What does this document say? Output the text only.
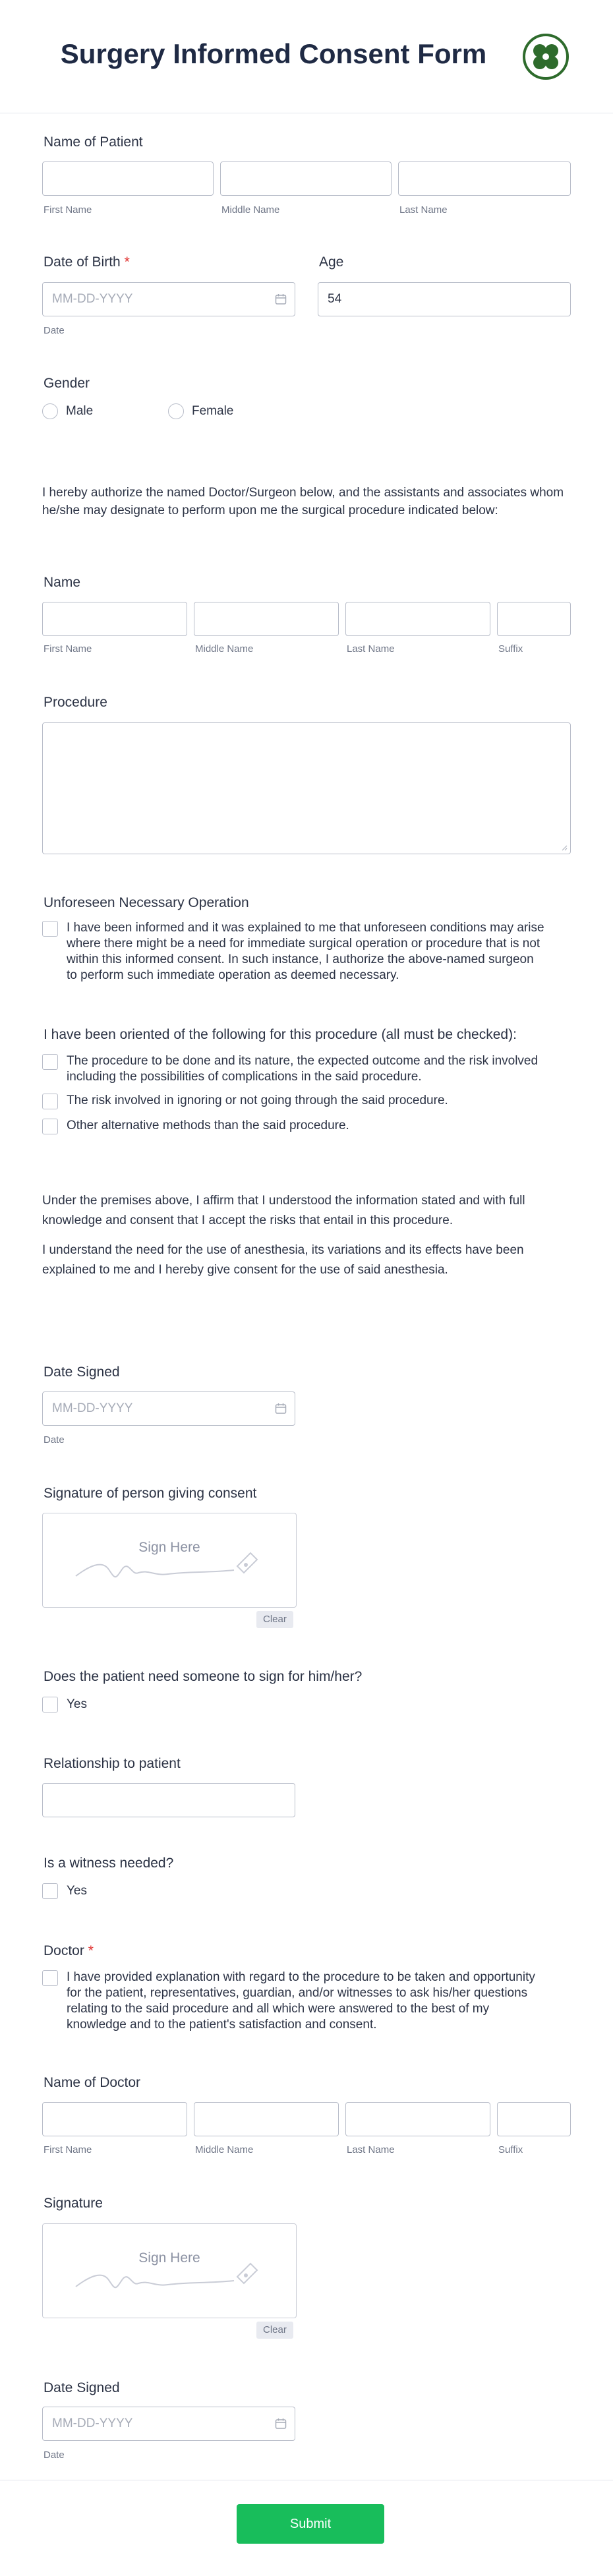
Surgery Informed Consent Form
Name of Patient
First Name	Middle Name	Last Name
Date of Birth *
MM-DD-YYYY
Date
Age
54
Gender
Male	Female
I hereby authorize the named Doctor/Surgeon below, and the assistants and associates whom he/she may designate to perform upon me the surgical procedure indicated below:
Name
First Name	Middle Name	Last Name	Suffix
Procedure
Unforeseen Necessary Operation
I have been informed and it was explained to me that unforeseen conditions may arise
where there might be a need for immediate surgical operation or procedure that is not
within this informed consent. In such instance, I authorize the above-named surgeon
to perform such immediate operation as deemed necessary.
I have been oriented of the following for this procedure (all must be checked):
The procedure to be done and its nature, the expected outcome and the risk involved
including the possibilities of complications in the said procedure.
The risk involved in ignoring or not going through the said procedure.
Other alternative methods than the said procedure.
Under the premises above, I affirm that I understood the information stated and with full
knowledge and consent that I accept the risks that entail in this procedure.
I understand the need for the use of anesthesia, its variations and its effects have been
explained to me and I hereby give consent for the use of said anesthesia.
Date Signed
MM-DD-YYYY
Date
Signature of person giving consent
Sign Here
Clear
Does the patient need someone to sign for him/her?
Yes
Relationship to patient
Is a witness needed?
Yes
Doctor *
I have provided explanation with regard to the procedure to be taken and opportunity
for the patient, representatives, guardian, and/or witnesses to ask his/her questions
relating to the said procedure and all which were answered to the best of my
knowledge and to the patient's satisfaction and consent.
Name of Doctor
First Name	Middle Name	Last Name	Suffix
Signature
Sign Here
Clear
Date Signed
MM-DD-YYYY
Date
Submit
